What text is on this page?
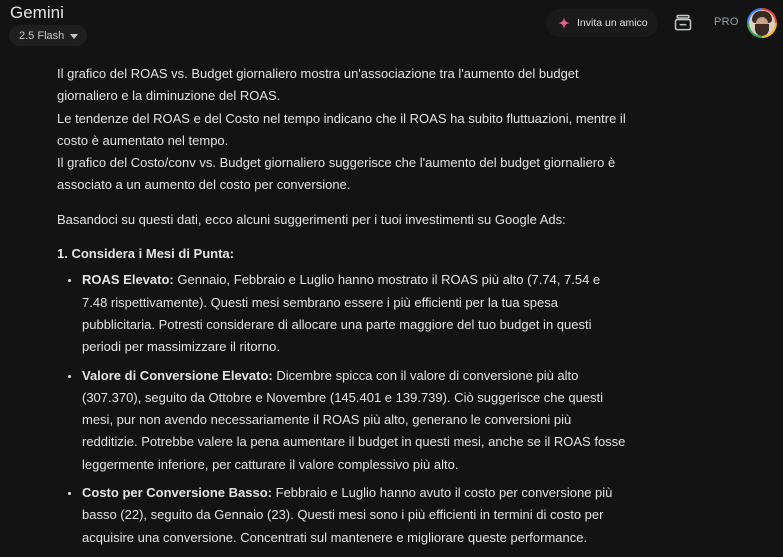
Gemini
2.5 Flash
Invita un amico	PRO

Il grafico del ROAS vs. Budget giornaliero mostra un'associazione tra l'aumento del budget giornaliero e la diminuzione del ROAS.

Le tendenze del ROAS e del Costo nel tempo indicano che il ROAS ha subito fluttuazioni, mentre il costo è aumentato nel tempo.

Il grafico del Costo/conv vs. Budget giornaliero suggerisce che l'aumento del budget giornaliero è associato a un aumento del costo per conversione.

Basandoci su questi dati, ecco alcuni suggerimenti per i tuoi investimenti su Google Ads:

1. Considera i Mesi di Punta:

• ROAS Elevato: Gennaio, Febbraio e Luglio hanno mostrato il ROAS più alto (7.74, 7.54 e 7.48 rispettivamente). Questi mesi sembrano essere i più efficienti per la tua spesa pubblicitaria. Potresti considerare di allocare una parte maggiore del tuo budget in questi periodi per massimizzare il ritorno.
• Valore di Conversione Elevato: Dicembre spicca con il valore di conversione più alto (307.370), seguito da Ottobre e Novembre (145.401 e 139.739). Ciò suggerisce che questi mesi, pur non avendo necessariamente il ROAS più alto, generano le conversioni più redditizie. Potrebbe valere la pena aumentare il budget in questi mesi, anche se il ROAS fosse leggermente inferiore, per catturare il valore complessivo più alto.
• Costo per Conversione Basso: Febbraio e Luglio hanno avuto il costo per conversione più basso (22), seguito da Gennaio (23). Questi mesi sono i più efficienti in termini di costo per acquisire una conversione. Concentrati sul mantenere e migliorare queste performance.
